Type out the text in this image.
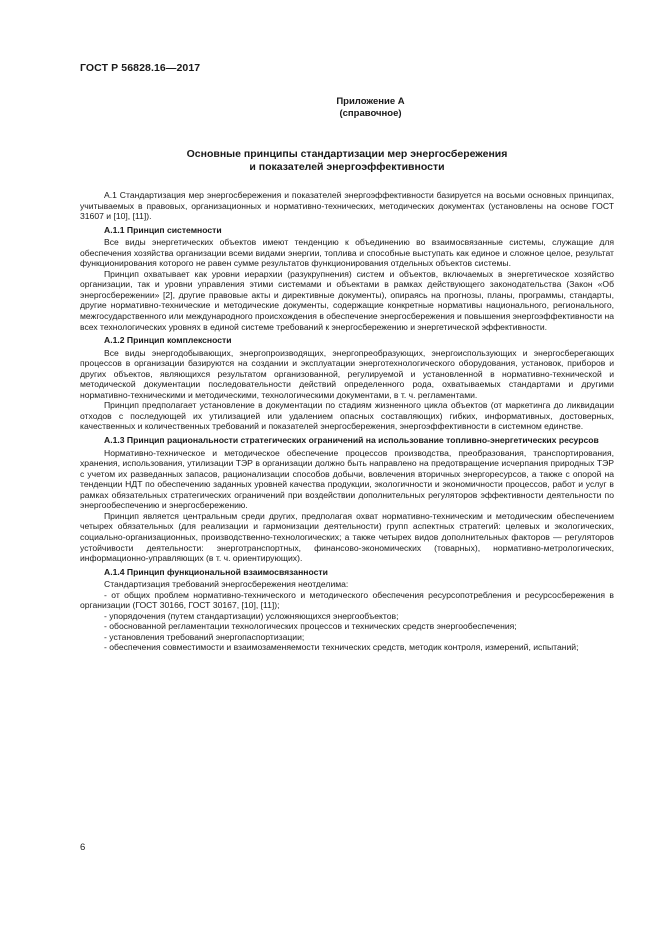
ГОСТ Р 56828.16—2017
Приложение А
(справочное)
Основные принципы стандартизации мер энергосбережения
и показателей энергоэффективности

А.1 Стандартизация мер энергосбережения и показателей энергоэффективности базируется на восьми основных принципах, учитываемых в правовых, организационных и нормативно-технических, методических документах (установлены на основе ГОСТ 31607 и [10], [11]).

А.1.1 Принцип системности

Все виды энергетических объектов имеют тенденцию к объединению во взаимосвязанные системы, служащие для обеспечения хозяйства организации всеми видами энергии, топлива и способные выступать как единое и сложное целое, результат функционирования которого не равен сумме результатов функционирования отдельных объектов системы.

Принцип охватывает как уровни иерархии (разукрупнения) систем и объектов, включаемых в энергетическое хозяйство организации, так и уровни управления этими системами и объектами в рамках действующего законодательства (Закон «Об энергосбережении» [2], другие правовые акты и директивные документы), опираясь на прогнозы, планы, программы, стандарты, другие нормативно-технические и методические документы, содержащие конкретные нормативы национального, регионального, межгосударственного или международного происхождения в обеспечение энергосбережения и повышения энергоэффективности на всех технологических уровнях в единой системе требований к энергосбережению и энергетической эффективности.

А.1.2 Принцип комплексности

Все виды энергодобывающих, энергопроизводящих, энергопреобразующих, энергоиспользующих и энергосберегающих процессов в организации базируются на создании и эксплуатации энерготехнологического оборудования, установок, приборов и других объектов, являющихся результатом организованной, регулируемой и установленной в нормативно-технической и методической документации последовательности действий определенного рода, охватываемых стандартами и другими нормативно-техническими и методическими, технологическими документами, в т. ч. регламентами.

Принцип предполагает установление в документации по стадиям жизненного цикла объектов (от маркетинга до ликвидации отходов с последующей их утилизацией или удалением опасных составляющих) гибких, информативных, достоверных, качественных и количественных требований и показателей энергосбережения, энергоэффективности в системном единстве.

А.1.3 Принцип рациональности стратегических ограничений на использование топливно-энергетических ресурсов

Нормативно-техническое и методическое обеспечение процессов производства, преобразования, транспортирования, хранения, использования, утилизации ТЭР в организации должно быть направлено на предотвращение исчерпания природных ТЭР с учетом их разведанных запасов, рационализации способов добычи, вовлечения вторичных энергоресурсов, а также с опорой на тенденции НДТ по обеспечению заданных уровней качества продукции, экологичности и экономичности процессов, работ и услуг в рамках обязательных стратегических ограничений при воздействии дополнительных регуляторов эффективности деятельности по энергообеспечению и энергосбережению.

Принцип является центральным среди других, предполагая охват нормативно-техническим и методическим обеспечением четырех обязательных (для реализации и гармонизации деятельности) групп аспектных стратегий: целевых и экологических, социально-организационных, производственно-технологических; а также четырех видов дополнительных факторов — регуляторов устойчивости деятельности: энерготранспортных, финансово-экономических (товарных), нормативно-метрологических, информационно-управляющих (в т. ч. ориентирующих).

А.1.4 Принцип функциональной взаимосвязанности

Стандартизация требований энергосбережения неотделима:

- от общих проблем нормативно-технического и методического обеспечения ресурсопотребления и ресурсосбережения в организации (ГОСТ 30166, ГОСТ 30167, [10], [11]);

- упорядочения (путем стандартизации) усложняющихся энергообъектов;

- обоснованной регламентации технологических процессов и технических средств энергообеспечения;

- установления требований энергопаспортизации;

- обеспечения совместимости и взаимозаменяемости технических средств, методик контроля, измерений, испытаний;

6
